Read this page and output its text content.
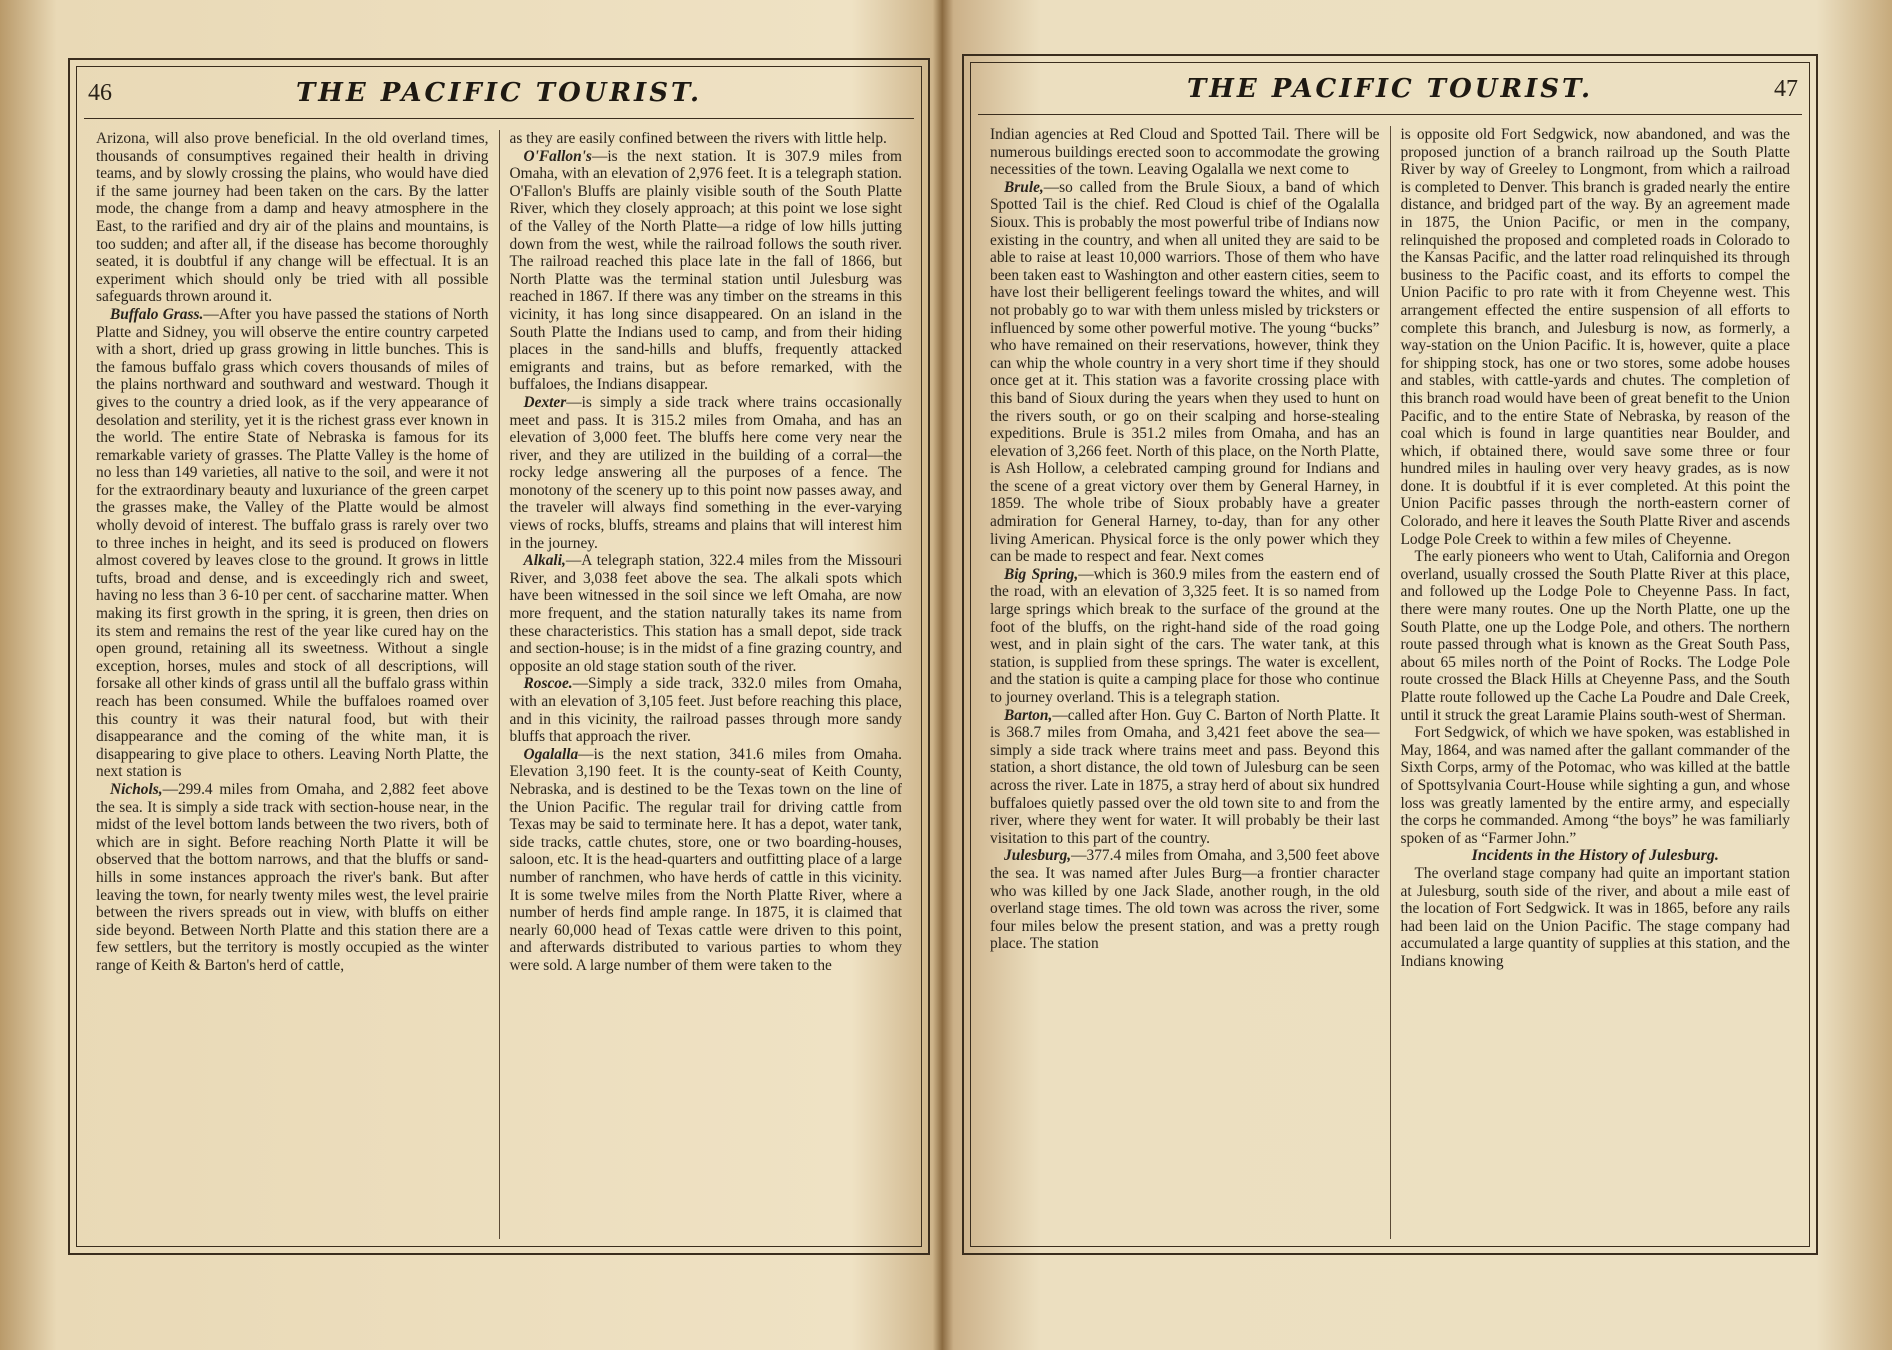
46	THE PACIFIC TOURIST.

Arizona, will also prove beneficial. In the old overland times, thousands of consumptives regained their health in driving teams, and by slowly crossing the plains, who would have died if the same journey had been taken on the cars. By the latter mode, the change from a damp and heavy atmosphere in the East, to the rarified and dry air of the plains and mountains, is too sudden; and after all, if the disease has become thoroughly seated, it is doubtful if any change will be effectual. It is an experiment which should only be tried with all possible safeguards thrown around it.

Buffalo Grass.—After you have passed the stations of North Platte and Sidney, you will observe the entire country carpeted with a short, dried up grass growing in little bunches. This is the famous buffalo grass which covers thousands of miles of the plains northward and southward and westward. Though it gives to the country a dried look, as if the very appearance of desolation and sterility, yet it is the richest grass ever known in the world. The entire State of Nebraska is famous for its remarkable variety of grasses. The Platte Valley is the home of no less than 149 varieties, all native to the soil, and were it not for the extraordinary beauty and luxuriance of the green carpet the grasses make, the Valley of the Platte would be almost wholly devoid of interest. The buffalo grass is rarely over two to three inches in height, and its seed is produced on flowers almost covered by leaves close to the ground. It grows in little tufts, broad and dense, and is exceedingly rich and sweet, having no less than 3 6-10 per cent. of saccharine matter. When making its first growth in the spring, it is green, then dries on its stem and remains the rest of the year like cured hay on the open ground, retaining all its sweetness. Without a single exception, horses, mules and stock of all descriptions, will forsake all other kinds of grass until all the buffalo grass within reach has been consumed. While the buffaloes roamed over this country it was their natural food, but with their disappearance and the coming of the white man, it is disappearing to give place to others. Leaving North Platte, the next station is

Nichols,—299.4 miles from Omaha, and 2,882 feet above the sea. It is simply a side track with section-house near, in the midst of the level bottom lands between the two rivers, both of which are in sight. Before reaching North Platte it will be observed that the bottom narrows, and that the bluffs or sand-hills in some instances approach the river's bank. But after leaving the town, for nearly twenty miles west, the level prairie between the rivers spreads out in view, with bluffs on either side beyond. Between North Platte and this station there are a few settlers, but the territory is mostly occupied as the winter range of Keith & Barton's herd of cattle,

as they are easily confined between the rivers with little help.

O'Fallon's—is the next station. It is 307.9 miles from Omaha, with an elevation of 2,976 feet. It is a telegraph station. O'Fallon's Bluffs are plainly visible south of the South Platte River, which they closely approach; at this point we lose sight of the Valley of the North Platte—a ridge of low hills jutting down from the west, while the railroad follows the south river. The railroad reached this place late in the fall of 1866, but North Platte was the terminal station until Julesburg was reached in 1867. If there was any timber on the streams in this vicinity, it has long since disappeared. On an island in the South Platte the Indians used to camp, and from their hiding places in the sand-hills and bluffs, frequently attacked emigrants and trains, but as before remarked, with the buffaloes, the Indians disappear.

Dexter—is simply a side track where trains occasionally meet and pass. It is 315.2 miles from Omaha, and has an elevation of 3,000 feet. The bluffs here come very near the river, and they are utilized in the building of a corral—the rocky ledge answering all the purposes of a fence. The monotony of the scenery up to this point now passes away, and the traveler will always find something in the ever-varying views of rocks, bluffs, streams and plains that will interest him in the journey.

Alkali,—A telegraph station, 322.4 miles from the Missouri River, and 3,038 feet above the sea. The alkali spots which have been witnessed in the soil since we left Omaha, are now more frequent, and the station naturally takes its name from these characteristics. This station has a small depot, side track and section-house; is in the midst of a fine grazing country, and opposite an old stage station south of the river.

Roscoe.—Simply a side track, 332.0 miles from Omaha, with an elevation of 3,105 feet. Just before reaching this place, and in this vicinity, the railroad passes through more sandy bluffs that approach the river.

Ogalalla—is the next station, 341.6 miles from Omaha. Elevation 3,190 feet. It is the county-seat of Keith County, Nebraska, and is destined to be the Texas town on the line of the Union Pacific. The regular trail for driving cattle from Texas may be said to terminate here. It has a depot, water tank, side tracks, cattle chutes, store, one or two boarding-houses, saloon, etc. It is the head-quarters and outfitting place of a large number of ranchmen, who have herds of cattle in this vicinity. It is some twelve miles from the North Platte River, where a number of herds find ample range. In 1875, it is claimed that nearly 60,000 head of Texas cattle were driven to this point, and afterwards distributed to various parties to whom they were sold. A large number of them were taken to the

THE PACIFIC TOURIST.	47

Indian agencies at Red Cloud and Spotted Tail. There will be numerous buildings erected soon to accommodate the growing necessities of the town. Leaving Ogalalla we next come to

Brule,—so called from the Brule Sioux, a band of which Spotted Tail is the chief. Red Cloud is chief of the Ogalalla Sioux. This is probably the most powerful tribe of Indians now existing in the country, and when all united they are said to be able to raise at least 10,000 warriors. Those of them who have been taken east to Washington and other eastern cities, seem to have lost their belligerent feelings toward the whites, and will not probably go to war with them unless misled by tricksters or influenced by some other powerful motive. The young “bucks” who have remained on their reservations, however, think they can whip the whole country in a very short time if they should once get at it. This station was a favorite crossing place with this band of Sioux during the years when they used to hunt on the rivers south, or go on their scalping and horse-stealing expeditions. Brule is 351.2 miles from Omaha, and has an elevation of 3,266 feet. North of this place, on the North Platte, is Ash Hollow, a celebrated camping ground for Indians and the scene of a great victory over them by General Harney, in 1859. The whole tribe of Sioux probably have a greater admiration for General Harney, to-day, than for any other living American. Physical force is the only power which they can be made to respect and fear. Next comes

Big Spring,—which is 360.9 miles from the eastern end of the road, with an elevation of 3,325 feet. It is so named from large springs which break to the surface of the ground at the foot of the bluffs, on the right-hand side of the road going west, and in plain sight of the cars. The water tank, at this station, is supplied from these springs. The water is excellent, and the station is quite a camping place for those who continue to journey overland. This is a telegraph station.

Barton,—called after Hon. Guy C. Barton of North Platte. It is 368.7 miles from Omaha, and 3,421 feet above the sea—simply a side track where trains meet and pass. Beyond this station, a short distance, the old town of Julesburg can be seen across the river. Late in 1875, a stray herd of about six hundred buffaloes quietly passed over the old town site to and from the river, where they went for water. It will probably be their last visitation to this part of the country.

Julesburg,—377.4 miles from Omaha, and 3,500 feet above the sea. It was named after Jules Burg—a frontier character who was killed by one Jack Slade, another rough, in the old overland stage times. The old town was across the river, some four miles below the present station, and was a pretty rough place. The station

is opposite old Fort Sedgwick, now abandoned, and was the proposed junction of a branch railroad up the South Platte River by way of Greeley to Longmont, from which a railroad is completed to Denver. This branch is graded nearly the entire distance, and bridged part of the way. By an agreement made in 1875, the Union Pacific, or men in the company, relinquished the proposed and completed roads in Colorado to the Kansas Pacific, and the latter road relinquished its through business to the Pacific coast, and its efforts to compel the Union Pacific to pro rate with it from Cheyenne west. This arrangement effected the entire suspension of all efforts to complete this branch, and Julesburg is now, as formerly, a way-station on the Union Pacific. It is, however, quite a place for shipping stock, has one or two stores, some adobe houses and stables, with cattle-yards and chutes. The completion of this branch road would have been of great benefit to the Union Pacific, and to the entire State of Nebraska, by reason of the coal which is found in large quantities near Boulder, and which, if obtained there, would save some three or four hundred miles in hauling over very heavy grades, as is now done. It is doubtful if it is ever completed. At this point the Union Pacific passes through the north-eastern corner of Colorado, and here it leaves the South Platte River and ascends Lodge Pole Creek to within a few miles of Cheyenne.

The early pioneers who went to Utah, California and Oregon overland, usually crossed the South Platte River at this place, and followed up the Lodge Pole to Cheyenne Pass. In fact, there were many routes. One up the North Platte, one up the South Platte, one up the Lodge Pole, and others. The northern route passed through what is known as the Great South Pass, about 65 miles north of the Point of Rocks. The Lodge Pole route crossed the Black Hills at Cheyenne Pass, and the South Platte route followed up the Cache La Poudre and Dale Creek, until it struck the great Laramie Plains south-west of Sherman.

Fort Sedgwick, of which we have spoken, was established in May, 1864, and was named after the gallant commander of the Sixth Corps, army of the Potomac, who was killed at the battle of Spottsylvania Court-House while sighting a gun, and whose loss was greatly lamented by the entire army, and especially the corps he commanded. Among “the boys” he was familiarly spoken of as “Farmer John.”

Incidents in the History of Julesburg.

The overland stage company had quite an important station at Julesburg, south side of the river, and about a mile east of the location of Fort Sedgwick. It was in 1865, before any rails had been laid on the Union Pacific. The stage company had accumulated a large quantity of supplies at this station, and the Indians knowing
